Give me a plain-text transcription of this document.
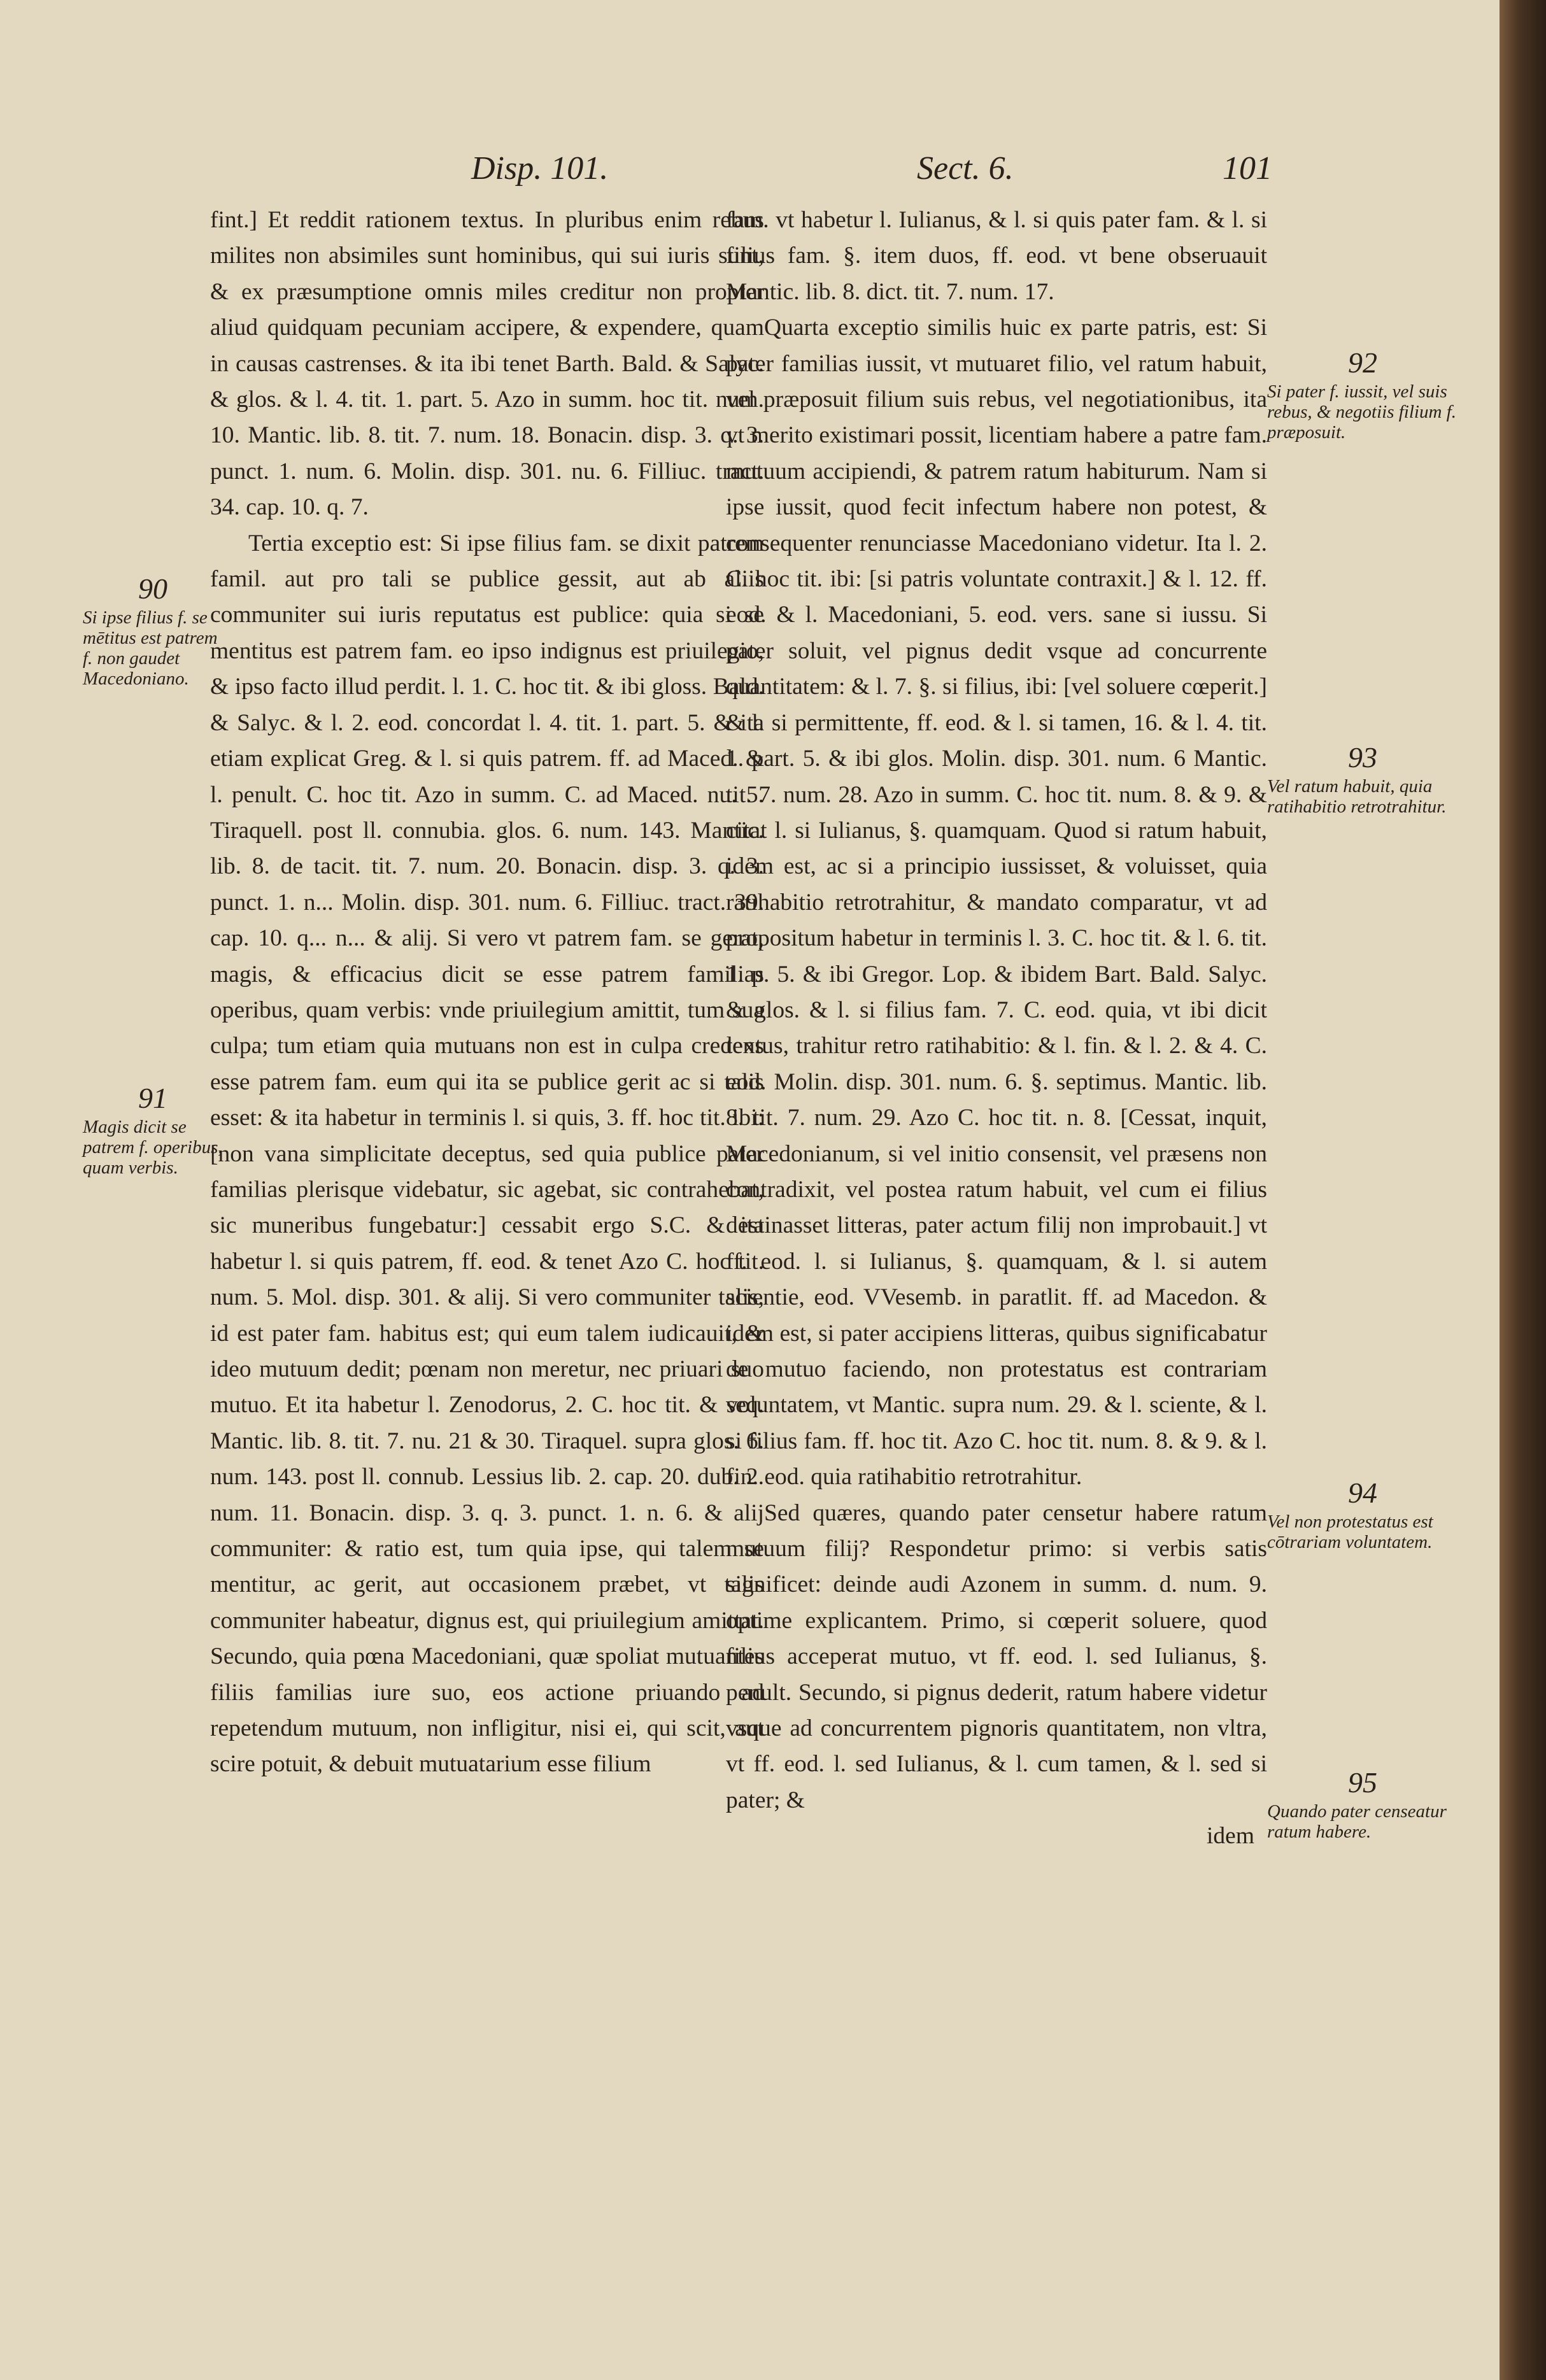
Disp. 101.	Sect. 6.	101
90
Si ipse filius f. se mētitus est patrem f. non gaudet Macedoniano.
91
Magis dicit se patrem f. operibus, quam verbis.

fint.] Et reddit rationem textus. In pluribus enim rebus milites non absimiles sunt hominibus, qui sui iuris sunt, & ex præsumptione omnis miles creditur non propter aliud quidquam pecuniam accipere, & expendere, quam in causas castrenses. & ita ibi tenet Barth. Bald. & Salyc. & glos. & l. 4. tit. 1. part. 5. Azo in summ. hoc tit. num. 10. Mantic. lib. 8. tit. 7. num. 18. Bonacin. disp. 3. q. 3. punct. 1. num. 6. Molin. disp. 301. nu. 6. Filliuc. tract. 34. cap. 10. q. 7.

Tertia exceptio est: Si ipse filius fam. se dixit patrem famil. aut pro tali se publice gessit, aut ab aliis communiter sui iuris reputatus est publice: quia si se mentitus est patrem fam. eo ipso indignus est priuilegio, & ipso facto illud perdit. l. 1. C. hoc tit. & ibi gloss. Bald. & Salyc. & l. 2. eod. concordat l. 4. tit. 1. part. 5. & ita etiam explicat Greg. & l. si quis patrem. ff. ad Maced. & l. penult. C. hoc tit. Azo in summ. C. ad Maced. nu. 5. Tiraquell. post ll. connubia. glos. 6. num. 143. Mantic. lib. 8. de tacit. tit. 7. num. 20. Bonacin. disp. 3. q. 3. punct. 1. n... Molin. disp. 301. num. 6. Filliuc. tract. 39. cap. 10. q... n... & alij. Si vero vt patrem fam. se gerat, magis, & efficacius dicit se esse patrem familias operibus, quam verbis: vnde priuilegium amittit, tum sua culpa; tum etiam quia mutuans non est in culpa credens esse patrem fam. eum qui ita se publice gerit ac si talis esset: & ita habetur in terminis l. si quis, 3. ff. hoc tit. ibi: [non vana simplicitate deceptus, sed quia publice pater familias plerisque videbatur, sic agebat, sic contrahebat, sic muneribus fungebatur:] cessabit ergo S.C. & ita habetur l. si quis patrem, ff. eod. & tenet Azo C. hoc tit. num. 5. Mol. disp. 301. & alij. Si vero communiter talis, id est pater fam. habitus est; qui eum talem iudicauit, & ideo mutuum dedit; pœnam non meretur, nec priuari suo mutuo. Et ita habetur l. Zenodorus, 2. C. hoc tit. & seq. Mantic. lib. 8. tit. 7. nu. 21 & 30. Tiraquel. supra glos. 6. num. 143. post ll. connub. Lessius lib. 2. cap. 20. dub. 2. num. 11. Bonacin. disp. 3. q. 3. punct. 1. n. 6. & alij communiter: & ratio est, tum quia ipse, qui talem se mentitur, ac gerit, aut occasionem præbet, vt talis communiter habeatur, dignus est, qui priuilegium amittat. Secundo, quia pœna Macedoniani, quæ spoliat mutuantes filiis familias iure suo, eos actione priuando ad repetendum mutuum, non infligitur, nisi ei, qui scit, aut scire potuit, & debuit mutuatarium esse filium

fam. vt habetur l. Iulianus, & l. si quis pater fam. & l. si filius fam. §. item duos, ff. eod. vt bene obseruauit Mantic. lib. 8. dict. tit. 7. num. 17.

Quarta exceptio similis huic ex parte patris, est: Si pater familias iussit, vt mutuaret filio, vel ratum habuit, vel præposuit filium suis rebus, vel negotiationibus, ita vt merito existimari possit, licentiam habere a patre fam. mutuum accipiendi, & patrem ratum habiturum. Nam si ipse iussit, quod fecit infectum habere non potest, & consequenter renunciasse Macedoniano videtur. Ita l. 2. C. hoc tit. ibi: [si patris voluntate contraxit.] & l. 12. ff. eod. & l. Macedoniani, 5. eod. vers. sane si iussu. Si pater soluit, vel pignus dedit vsque ad concurrente quantitatem: & l. 7. §. si filius, ibi: [vel soluere cœperit.] & l. si permittente, ff. eod. & l. si tamen, 16. & l. 4. tit. 1. part. 5. & ibi glos. Molin. disp. 301. num. 6 Mantic. tit. 7. num. 28. Azo in summ. C. hoc tit. num. 8. & 9. & citat l. si Iulianus, §. quamquam. Quod si ratum habuit, idem est, ac si a principio iussisset, & voluisset, quia ratihabitio retrotrahitur, & mandato comparatur, vt ad propositum habetur in terminis l. 3. C. hoc tit. & l. 6. tit. 1. p. 5. & ibi Gregor. Lop. & ibidem Bart. Bald. Salyc. & glos. & l. si filius fam. 7. C. eod. quia, vt ibi dicit textus, trahitur retro ratihabitio: & l. fin. & l. 2. & 4. C. eod. Molin. disp. 301. num. 6. §. septimus. Mantic. lib. 8. tit. 7. num. 29. Azo C. hoc tit. n. 8. [Cessat, inquit, Macedonianum, si vel initio consensit, vel præsens non contradixit, vel postea ratum habuit, vel cum ei filius destinasset litteras, pater actum filij non improbauit.] vt ff. eod. l. si Iulianus, §. quamquam, & l. si autem scientie, eod. VVesemb. in paratlit. ff. ad Macedon. & idem est, si pater accipiens litteras, quibus significabatur de mutuo faciendo, non protestatus est contrariam voluntatem, vt Mantic. supra num. 29. & l. sciente, & l. si filius fam. ff. hoc tit. Azo C. hoc tit. num. 8. & 9. & l. fin. eod. quia ratihabitio retrotrahitur.

Sed quæres, quando pater censetur habere ratum mutuum filij? Respondetur primo: si verbis satis significet: deinde audi Azonem in summ. d. num. 9. optime explicantem. Primo, si cœperit soluere, quod filius acceperat mutuo, vt ff. eod. l. sed Iulianus, §. penult. Secundo, si pignus dederit, ratum habere videtur vsque ad concurrentem pignoris quantitatem, non vltra, vt ff. eod. l. sed Iulianus, & l. cum tamen, & l. sed si pater; &

idem
92
Si pater f. iussit, vel suis rebus, & negotiis filium f. præposuit.
93
Vel ratum habuit, quia ratihabitio retrotrahitur.
94
Vel non protestatus est cōtrariam voluntatem.
95
Quando pater censeatur ratum habere.
